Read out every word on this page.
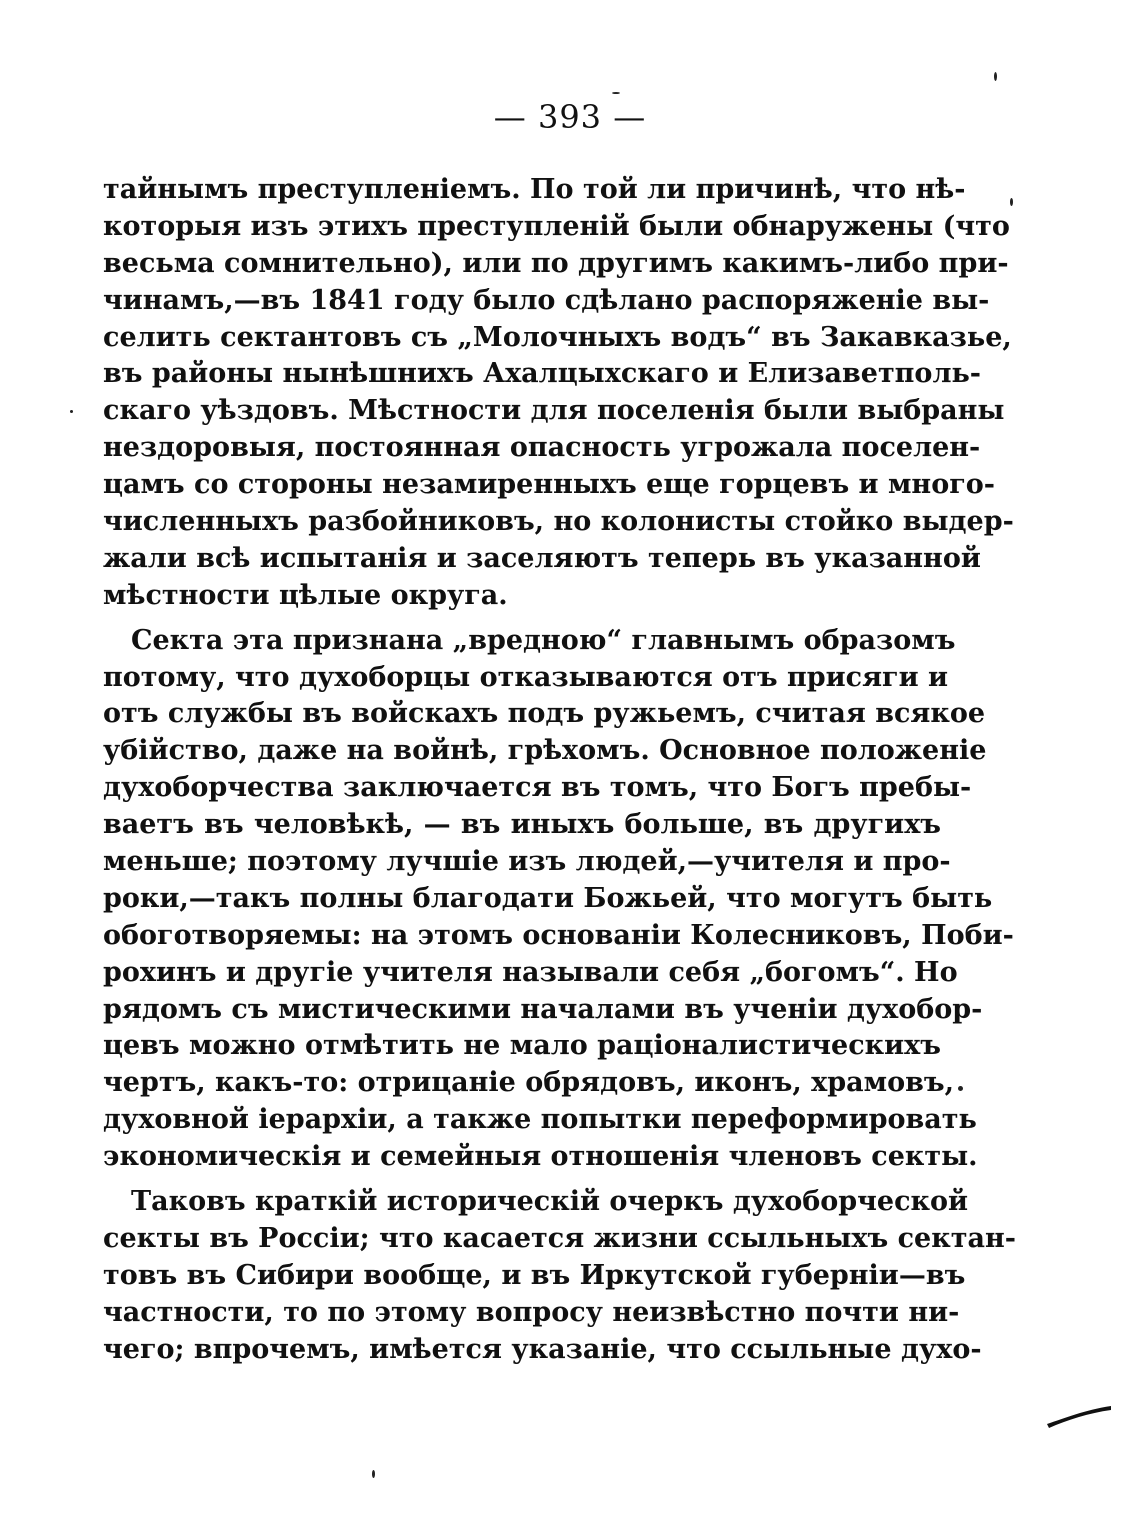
— 393 —
тайнымъ преступленіемъ. По той ли причинѣ, что нѣ-
которыя изъ этихъ преступленій были обнаружены (что
весьма сомнительно), или по другимъ какимъ-либо при-
чинамъ,—въ 1841 году было сдѣлано распоряженіе вы-
селить сектантовъ съ „Молочныхъ водъ“ въ Закавказье,
въ районы нынѣшнихъ Ахалцыхскаго и Елизаветполь-
скаго уѣздовъ. Мѣстности для поселенія были выбраны
нездоровыя, постоянная опасность угрожала поселен-
цамъ со стороны незамиренныхъ еще горцевъ и много-
численныхъ разбойниковъ, но колонисты стойко выдер-
жали всѣ испытанія и заселяютъ теперь въ указанной
мѣстности цѣлые округа.
Секта эта признана „вредною“ главнымъ образомъ
потому, что духоборцы отказываются отъ присяги и
отъ службы въ войскахъ подъ ружьемъ, считая всякое
убійство, даже на войнѣ, грѣхомъ. Основное положеніе
духоборчества заключается въ томъ, что Богъ пребы-
ваетъ въ человѣкѣ, — въ иныхъ больше, въ другихъ
меньше; поэтому лучшіе изъ людей,—учителя и про-
роки,—такъ полны благодати Божьей, что могутъ быть
обоготворяемы: на этомъ основаніи Колесниковъ, Поби-
рохинъ и другіе учителя называли себя „богомъ“. Но
рядомъ съ мистическими началами въ ученіи духобор-
цевъ можно отмѣтить не мало раціоналистическихъ
чертъ, какъ-то: отрицаніе обрядовъ, иконъ, храмовъ,
духовной іерархіи, а также попытки переформировать
экономическія и семейныя отношенія членовъ секты.
Таковъ краткій историческій очеркъ духоборческой
секты въ Россіи; что касается жизни ссыльныхъ сектан-
товъ въ Сибири вообще, и въ Иркутской губерніи—въ
частности, то по этому вопросу неизвѣстно почти ни-
чего; впрочемъ, имѣется указаніе, что ссыльные духо-
